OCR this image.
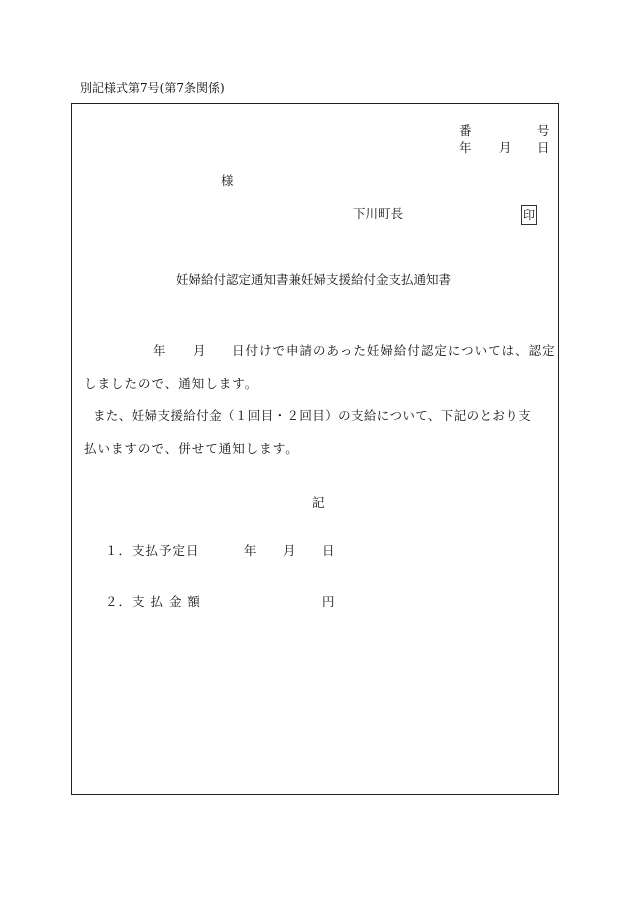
別記様式第7号(第7条関係)
番	号
年 月 日
様
下川町長	印
妊婦給付認定通知書兼妊婦支援給付金支払通知書
年 月 日付けで申請のあった妊婦給付認定については、認定
しましたので、通知します。
また、妊婦支援給付金（１回目・２回目）の支給について、下記のとおり支
払いますので、併せて通知します。
記
１．支払予定日	年 月 日
２．支 払 金 額	円
